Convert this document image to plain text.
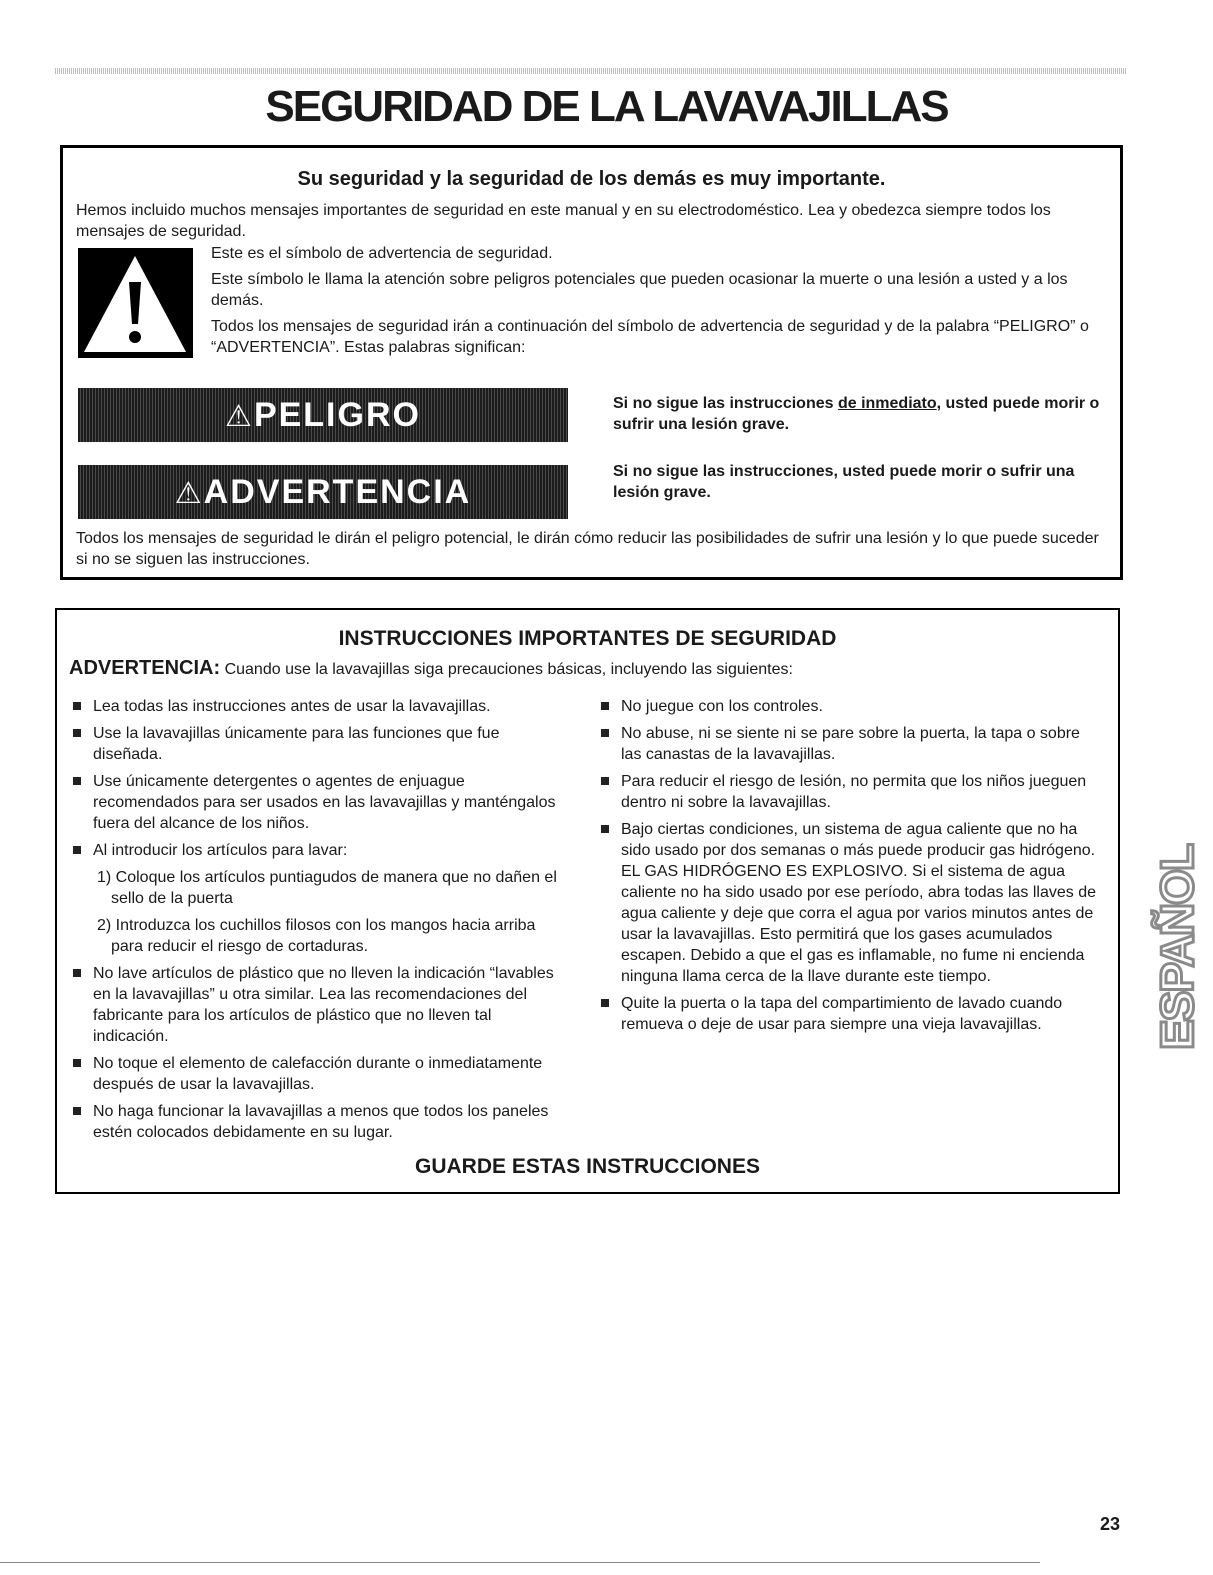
SEGURIDAD DE LA LAVAVAJILLAS
Su seguridad y la seguridad de los demás es muy importante.

Hemos incluido muchos mensajes importantes de seguridad en este manual y en su electrodoméstico. Lea y obedezca siempre todos los mensajes de seguridad.

Este es el símbolo de advertencia de seguridad.

Este símbolo le llama la atención sobre peligros potenciales que pueden ocasionar la muerte o una lesión a usted y a los demás.

Todos los mensajes de seguridad irán a continuación del símbolo de advertencia de seguridad y de la palabra “PELIGRO” o “ADVERTENCIA”. Estas palabras significan:

⚠PELIGRO	Si no sigue las instrucciones de inmediato, usted puede morir o sufrir una lesión grave.

⚠ADVERTENCIA

Si no sigue las instrucciones, usted puede morir o sufrir una lesión grave.

Todos los mensajes de seguridad le dirán el peligro potencial, le dirán cómo reducir las posibilidades de sufrir una lesión y lo que puede suceder si no se siguen las instrucciones.

INSTRUCCIONES IMPORTANTES DE SEGURIDAD

ADVERTENCIA: Cuando use la lavavajillas siga precauciones básicas, incluyendo las siguientes:

Lea todas las instrucciones antes de usar la lavavajillas.
Use la lavavajillas únicamente para las funciones que fue diseñada.
Use únicamente detergentes o agentes de enjuague recomendados para ser usados en las lavavajillas y manténgalos fuera del alcance de los niños.
Al introducir los artículos para lavar:
1) Coloque los artículos puntiagudos de manera que no dañen el sello de la puerta
2) Introduzca los cuchillos filosos con los mangos hacia arriba para reducir el riesgo de cortaduras.
No lave artículos de plástico que no lleven la indicación “lavables en la lavavajillas” u otra similar. Lea las recomendaciones del fabricante para los artículos de plástico que no lleven tal indicación.
No toque el elemento de calefacción durante o inmediatamente después de usar la lavavajillas.
No haga funcionar la lavavajillas a menos que todos los paneles estén colocados debidamente en su lugar.
No juegue con los controles.
No abuse, ni se siente ni se pare sobre la puerta, la tapa o sobre las canastas de la lavavajillas.
Para reducir el riesgo de lesión, no permita que los niños jueguen dentro ni sobre la lavavajillas.
Bajo ciertas condiciones, un sistema de agua caliente que no ha sido usado por dos semanas o más puede producir gas hidrógeno. EL GAS HIDRÓGENO ES EXPLOSIVO. Si el sistema de agua caliente no ha sido usado por ese período, abra todas las llaves de agua caliente y deje que corra el agua por varios minutos antes de usar la lavavajillas. Esto permitirá que los gases acumulados escapen. Debido a que el gas es inflamable, no fume ni encienda ninguna llama cerca de la llave durante este tiempo.
Quite la puerta o la tapa del compartimiento de lavado cuando remueva o deje de usar para siempre una vieja lavavajillas.

GUARDE ESTAS INSTRUCCIONES

ESPAÑOL
23
